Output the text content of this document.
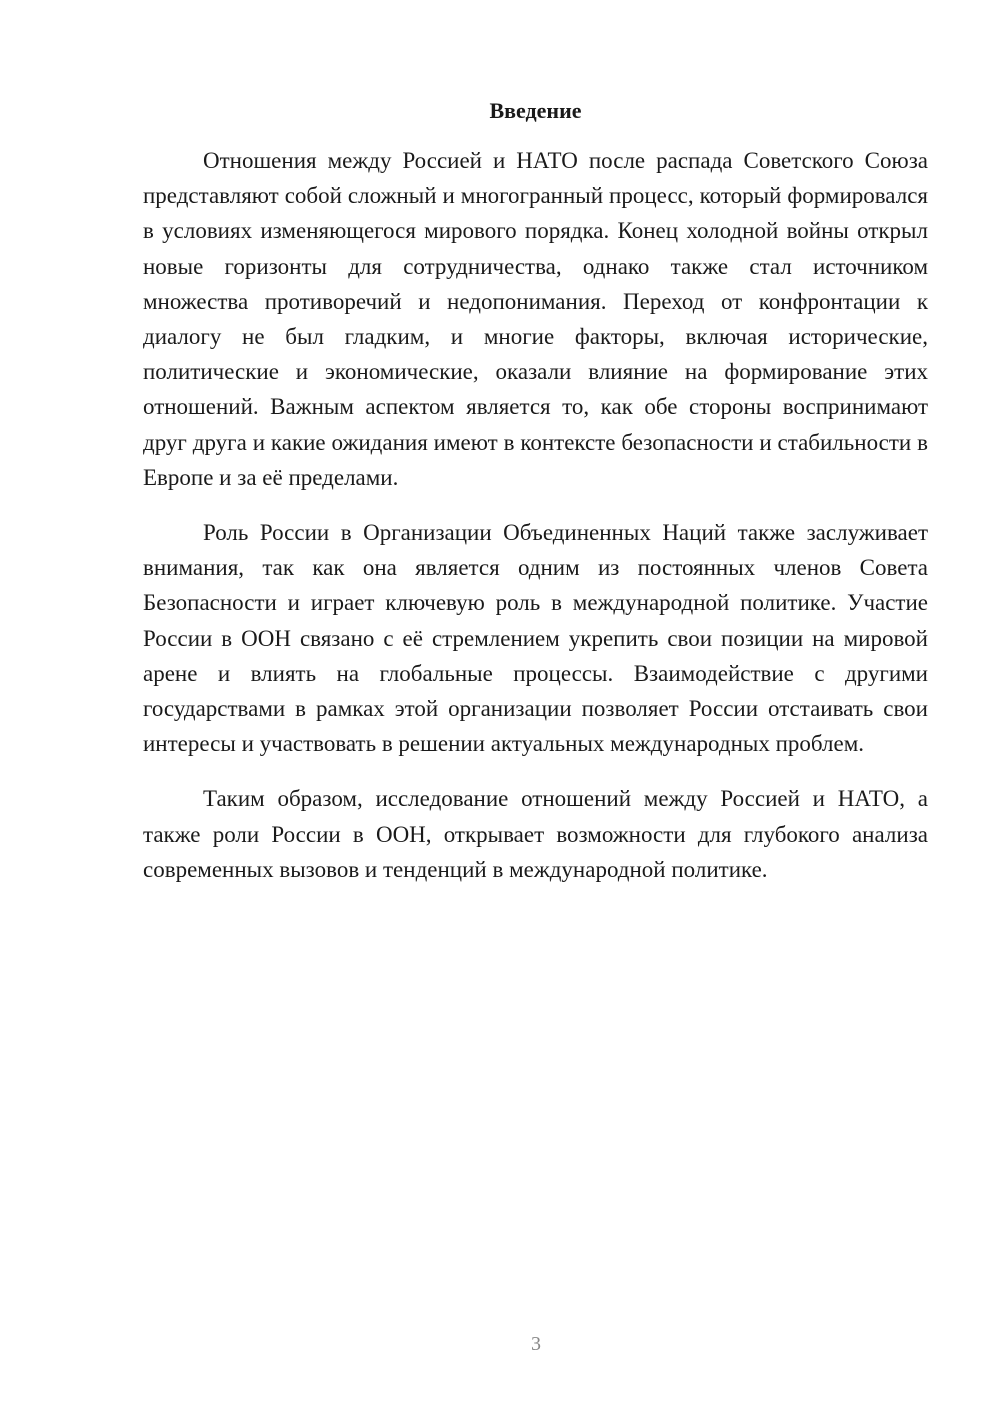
Введение

Отношения между Россией и НАТО после распада Советского Союза представляют собой сложный и многогранный процесс, который формировался в условиях изменяющегося мирового порядка. Конец холодной войны открыл новые горизонты для сотрудничества, однако также стал источником множества противоречий и недопонимания. Переход от конфронтации к диалогу не был гладким, и многие факторы, включая исторические, политические и экономические, оказали влияние на формирование этих отношений. Важным аспектом является то, как обе стороны воспринимают друг друга и какие ожидания имеют в контексте безопасности и стабильности в Европе и за её пределами.

Роль России в Организации Объединенных Наций также заслуживает внимания, так как она является одним из постоянных членов Совета Безопасности и играет ключевую роль в международной политике. Участие России в ООН связано с её стремлением укрепить свои позиции на мировой арене и влиять на глобальные процессы. Взаимодействие с другими государствами в рамках этой организации позволяет России отстаивать свои интересы и участвовать в решении актуальных международных проблем.

Таким образом, исследование отношений между Россией и НАТО, а также роли России в ООН, открывает возможности для глубокого анализа современных вызовов и тенденций в международной политике.

3
